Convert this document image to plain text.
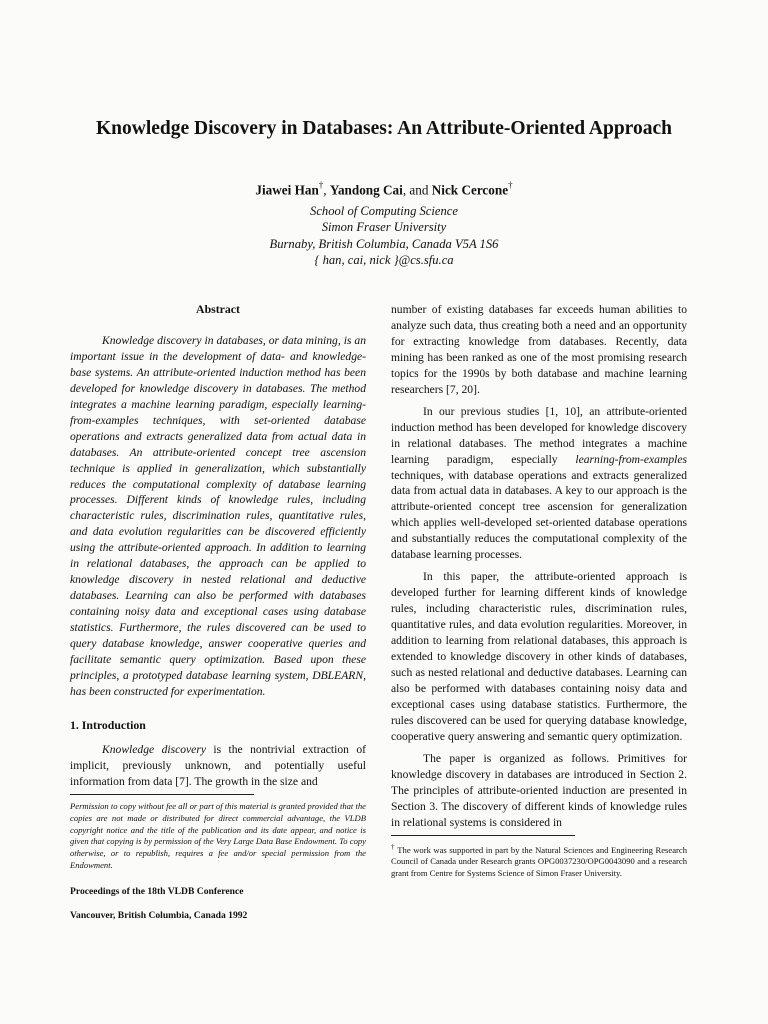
Knowledge Discovery in Databases: An Attribute-Oriented Approach
Jiawei Han†, Yandong Cai, and Nick Cercone†
School of Computing Science
Simon Fraser University
Burnaby, British Columbia, Canada V5A 1S6
{ han, cai, nick }@cs.sfu.ca
Abstract

Knowledge discovery in databases, or data mining, is an important issue in the development of data- and knowledge-base systems. An attribute-oriented induction method has been developed for knowledge discovery in databases. The method integrates a machine learning paradigm, especially learning-from-examples techniques, with set-oriented database operations and extracts generalized data from actual data in databases. An attribute-oriented concept tree ascension technique is applied in generalization, which substantially reduces the computational complexity of database learning processes. Different kinds of knowledge rules, including characteristic rules, discrimination rules, quantitative rules, and data evolution regularities can be discovered efficiently using the attribute-oriented approach. In addition to learning in relational databases, the approach can be applied to knowledge discovery in nested relational and deductive databases. Learning can also be performed with databases containing noisy data and exceptional cases using database statistics. Furthermore, the rules discovered can be used to query database knowledge, answer cooperative queries and facilitate semantic query optimization. Based upon these principles, a prototyped database learning system, DBLEARN, has been constructed for experimentation.

1. Introduction

Knowledge discovery is the nontrivial extraction of implicit, previously unknown, and potentially useful information from data [7]. The growth in the size and

Permission to copy without fee all or part of this material is granted provided that the copies are not made or distributed for direct commercial advantage, the VLDB copyright notice and the title of the publication and its date appear, and notice is given that copying is by permission of the Very Large Data Base Endowment. To copy otherwise, or to republish, requires a fee and/or special permission from the Endowment.

Proceedings of the 18th VLDB Conference
Vancouver, British Columbia, Canada 1992

number of existing databases far exceeds human abilities to analyze such data, thus creating both a need and an opportunity for extracting knowledge from databases. Recently, data mining has been ranked as one of the most promising research topics for the 1990s by both database and machine learning researchers [7, 20].

In our previous studies [1, 10], an attribute-oriented induction method has been developed for knowledge discovery in relational databases. The method integrates a machine learning paradigm, especially learning-from-examples techniques, with database operations and extracts generalized data from actual data in databases. A key to our approach is the attribute-oriented concept tree ascension for generalization which applies well-developed set-oriented database operations and substantially reduces the computational complexity of the database learning processes.

In this paper, the attribute-oriented approach is developed further for learning different kinds of knowledge rules, including characteristic rules, discrimination rules, quantitative rules, and data evolution regularities. Moreover, in addition to learning from relational databases, this approach is extended to knowledge discovery in other kinds of databases, such as nested relational and deductive databases. Learning can also be performed with databases containing noisy data and exceptional cases using database statistics. Furthermore, the rules discovered can be used for querying database knowledge, cooperative query answering and semantic query optimization.

The paper is organized as follows. Primitives for knowledge discovery in databases are introduced in Section 2. The principles of attribute-oriented induction are presented in Section 3. The discovery of different kinds of knowledge rules in relational systems is considered in

† The work was supported in part by the Natural Sciences and Engineering Research Council of Canada under Research grants OPG0037230/OPG0043090 and a research grant from Centre for Systems Science of Simon Fraser University.
